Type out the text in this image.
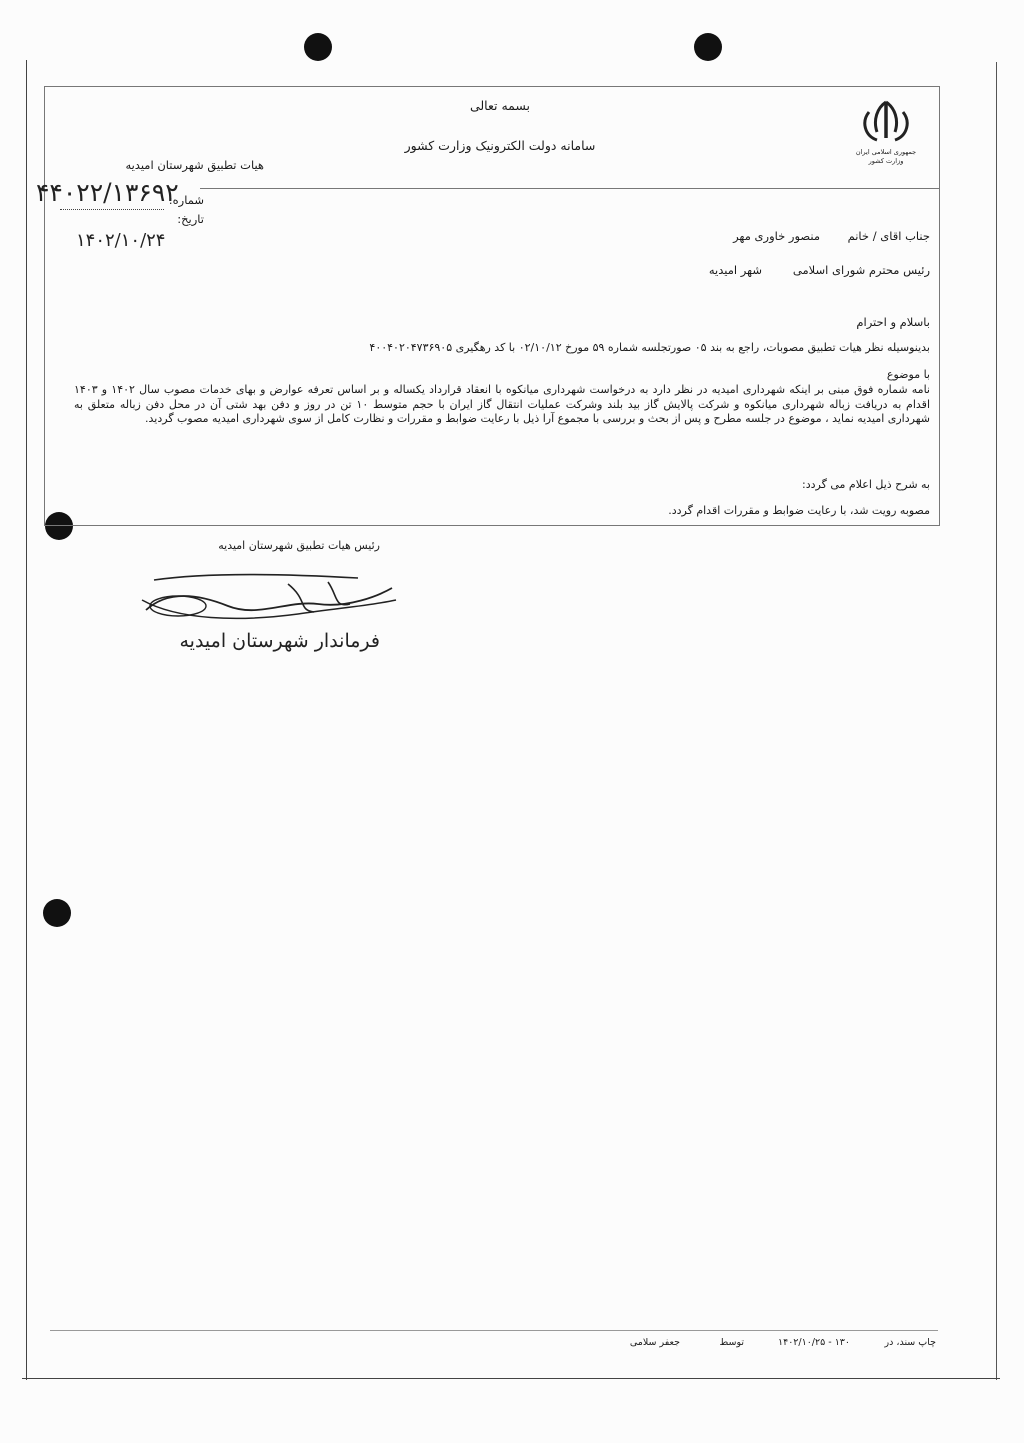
جمهوری اسلامی ایران
وزارت کشور
بسمه تعالی
سامانه دولت الکترونیک وزارت کشور
هیات تطبیق شهرستان امیدیه
شماره:
۴۴۰۲۲/۱۳۶۹۲
تاریخ:
۱۴۰۲/۱۰/۲۴	جناب اقای / خانم
منصور خاوری مهر
رئیس محترم شورای اسلامی
شهر امیدیه
باسلام و احترام
بدینوسیله نظر هیات تطبیق مصوبات، راجع به بند ۰۵ صورتجلسه شماره ۵۹ مورخ ۰۲/۱۰/۱۲ با کد رهگیری ۴۰۰۴۰۲۰۴۷۳۶۹۰۵
با موضوع
نامه شماره فوق مبنی بر اینکه شهرداری امیدیه در نظر دارد به درخواست شهرداری میانکوه با انعقاد قرارداد یکساله و بر اساس تعرفه عوارض و بهای خدمات مصوب سال ۱۴۰۲ و ۱۴۰۳ اقدام به دریافت زباله شهرداری میانکوه و شرکت پالایش گاز بید بلند وشرکت عملیات انتقال گاز ایران با حجم متوسط ۱۰ تن در روز و دفن بهد شتی آن در محل دفن زباله متعلق به شهرداری امیدیه نماید ، موضوع در جلسه مطرح و پس از بحث و بررسی با مجموع آرا ذیل با رعایت ضوابط و مقررات و نظارت کامل از سوی شهرداری امیدیه مصوب گردید.
به شرح ذیل اعلام می گردد:
مصوبه رویت شد، با رعایت ضوابط و مقررات اقدام گردد.
رئیس هیات تطبیق شهرستان امیدیه
فرماندار شهرستان امیدیه
چاپ سند، در
۱۳۰ - ۱۴۰۲/۱۰/۲۵
توسط
جعفر سلامی
